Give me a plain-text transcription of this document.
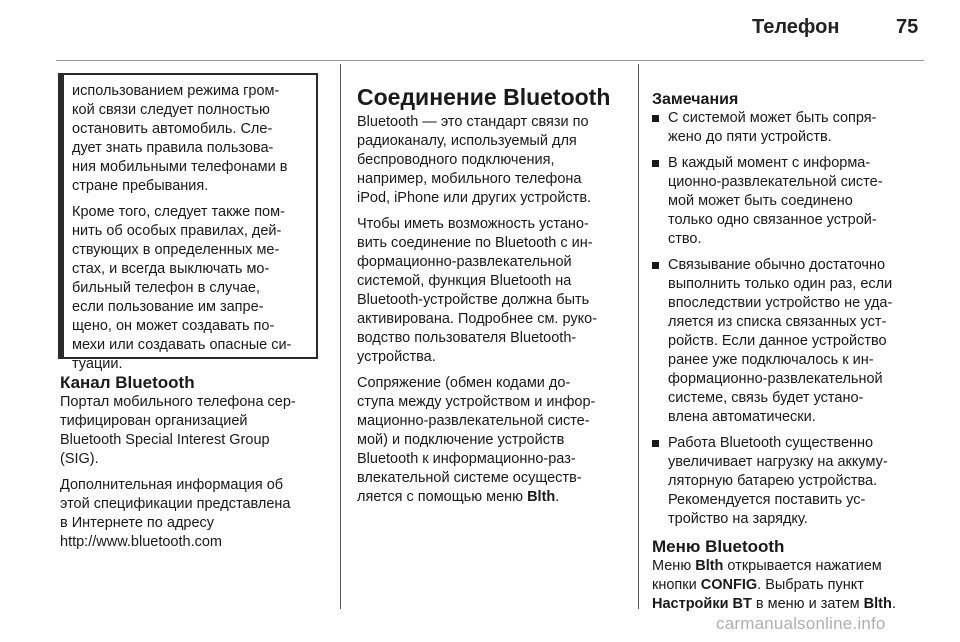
Телефон	75

использованием режима гром-
кой связи следует полностью
остановить автомобиль. Сле-
дует знать правила пользова-
ния мобильными телефонами в
стране пребывания.

Кроме того, следует также пом-
нить об особых правилах, дей-
ствующих в определенных ме-
стах, и всегда выключать мо-
бильный телефон в случае,
если пользование им запре-
щено, он может создавать по-
мехи или создавать опасные си-
туации.

Канал Bluetooth

Портал мобильного телефона сер-
тифицирован организацией
Bluetooth Special Interest Group
(SIG).

Дополнительная информация об
этой спецификации представлена
в Интернете по адресу
http://www.bluetooth.com

Соединение Bluetooth

Bluetooth — это стандарт связи по
радиоканалу, используемый для
беспроводного подключения,
например, мобильного телефона
iPod, iPhone или других устройств.

Чтобы иметь возможность устано-
вить соединение по Bluetooth с ин-
формационно-развлекательной
системой, функция Bluetooth на
Bluetooth-устройстве должна быть
активирована. Подробнее см. руко-
водство пользователя Bluetooth-
устройства.

Сопряжение (обмен кодами до-
ступа между устройством и инфор-
мационно-развлекательной систе-
мой) и подключение устройств
Bluetooth к информационно-раз-
влекательной системе осуществ-
ляется с помощью меню Blth.

Замечания
С системой может быть сопря-
жено до пяти устройств.
В каждый момент с информа-
ционно-развлекательной систе-
мой может быть соединено
только одно связанное устрой-
ство.
Связывание обычно достаточно
выполнить только один раз, если
впоследствии устройство не уда-
ляется из списка связанных уст-
ройств. Если данное устройство
ранее уже подключалось к ин-
формационно-развлекательной
системе, связь будет устано-
влена автоматически.
Работа Bluetooth существенно
увеличивает нагрузку на аккуму-
ляторную батарею устройства.
Рекомендуется поставить ус-
тройство на зарядку.
Меню Bluetooth

Меню Blth открывается нажатием
кнопки CONFIG. Выбрать пункт
Настройки BT в меню и затем Blth.

carmanualsonline.info
